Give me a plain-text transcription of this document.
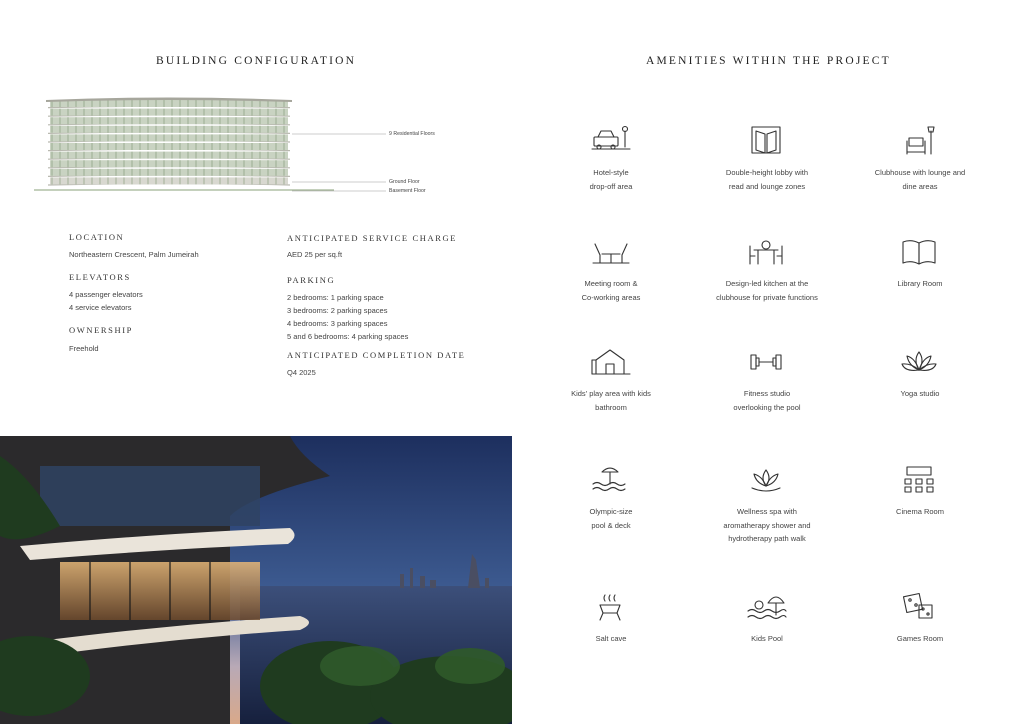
BUILDING CONFIGURATION	AMENITIES WITHIN THE PROJECT
9 Residential Floors
Ground Floor
Basement Floor
LOCATION
Northeastern Crescent, Palm Jumeirah
ELEVATORS
4 passenger elevators
4 service elevators
OWNERSHIP
Freehold
ANTICIPATED SERVICE CHARGE
AED 25 per sq.ft
PARKING
2 bedrooms: 1 parking space
3 bedrooms: 2 parking spaces
4 bedrooms: 3 parking spaces
5 and 6 bedrooms: 4 parking spaces
ANTICIPATED COMPLETION DATE
Q4 2025
Hotel-style
drop-off area
Double-height lobby with
read and lounge zones
Clubhouse with lounge and
dine areas
Meeting room &
Co-working areas
Design-led kitchen at the
clubhouse for private functions
Library Room
Kids' play area with kids
bathroom
Fitness studio
overlooking the pool
Yoga studio
Olympic-size
pool & deck
Wellness spa with
aromatherapy shower and
hydrotherapy path walk
Cinema Room
Salt cave	Kids Pool	Games Room
